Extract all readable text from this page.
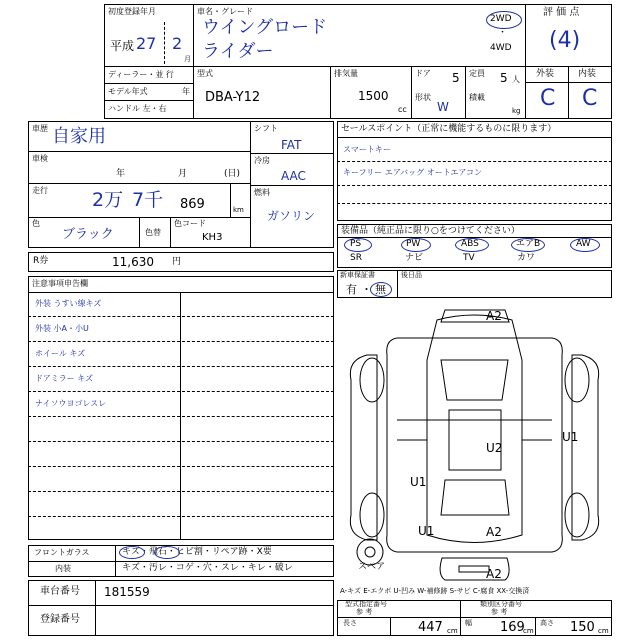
初度登録年月
平成 27 2
月
車名・グレード
ウイングロード
ライダー
2WD
・
4WD
評 価 点
(4)
ディーラー・並 行
モデル年式	年
ハンドル 左・右
型式
DBA-Y12
排気量
1500
cc
ドア 5 定員 5 人
形状
W
積載
kg
外装	内装
C C
車歴 自家用
車検
年	月	(日)
走行 2万 7千 869	km
色
ブラック	色替
色コード
KH3
シフト
FAT
冷房
AAC
燃料
ガソリン
R券	11,630 円
セールスポイント（正常に機能するものに限ります）
スマートキー
キーフリー エアバッグ オートエアコン
装備品（純正品に限り○をつけてください）
PS	PW	ABS	エアB	AW
SR	ナビ	TV	カワ
新車保証書	後日品
有 ・ 無
注意事項申告欄
外装 うすい線キズ
外装 小A・小U
ホイール キズ
ドアミラー キズ
ナイソウヨゴレスレ
A2
U2
U1
U1
U1	A2
A2
スペア
A-キズ E-エクボ U-凹み W-補修跡 S-サビ C-腐食 XX-交換済
フロントガラス	キズ・飛石・ヒビ割・リペア跡・X要
内装	キズ・汚レ・コゲ・穴・スレ・キレ・破レ
車台番号 181559
登録番号
型式指定番号
参 考
類別区分番号
参 考
長さ	447 cm
幅 169
cm
高さ 150 cm
